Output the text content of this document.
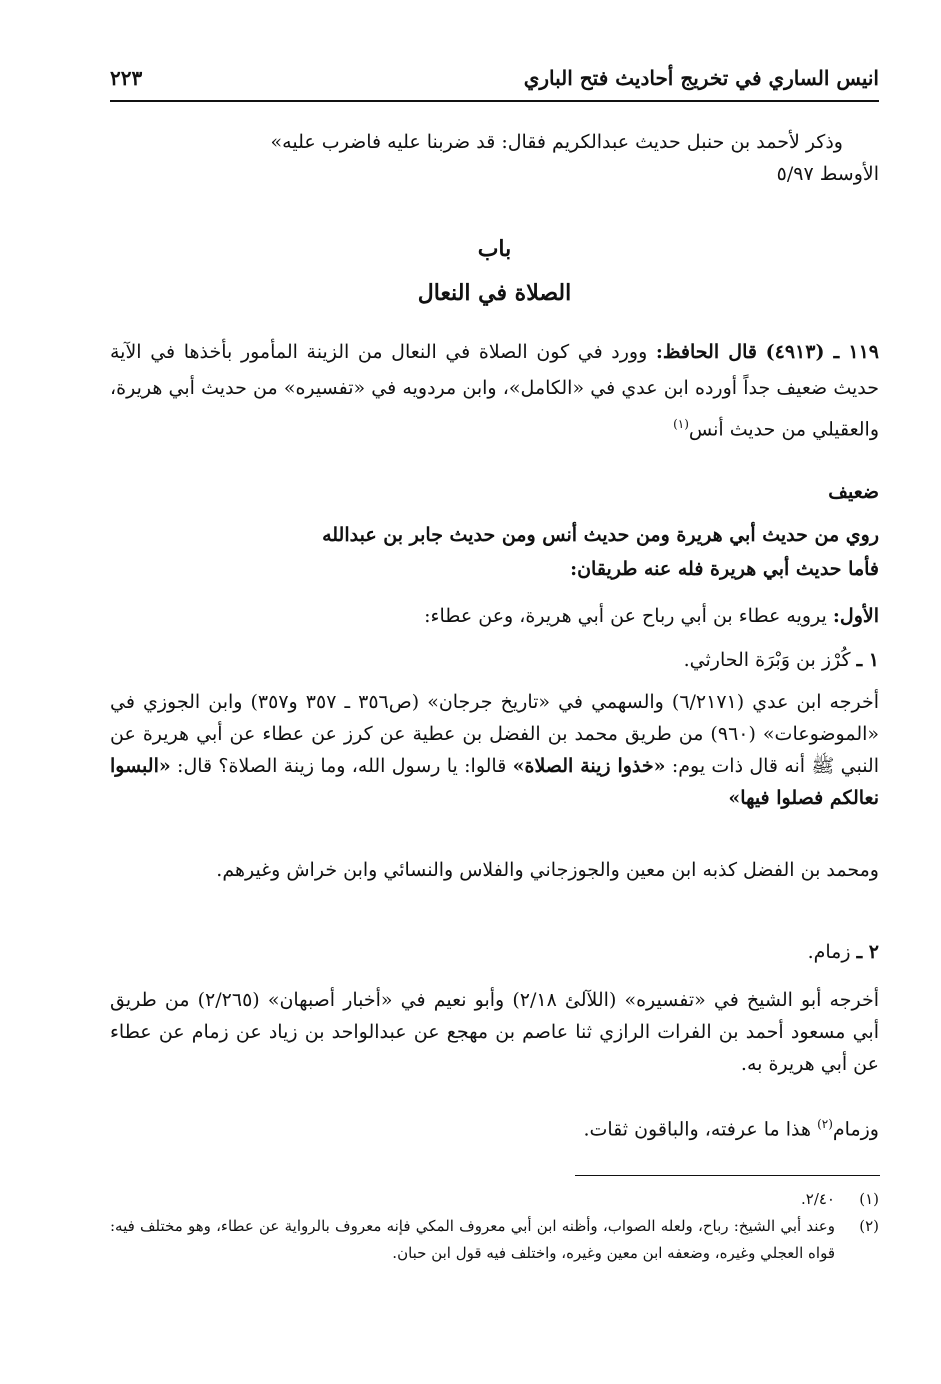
انيس الساري في تخريج أحاديث فتح الباري
٢٢٣
وذكر لأحمد بن حنبل حديث عبدالكريم فقال: قد ضربنا عليه فاضرب عليه»
الأوسط ٥/٩٧
باب
الصلاة في النعال
١١٩ ـ (٤٩١٣) قال الحافظ: وورد في كون الصلاة في النعال من الزينة المأمور بأخذها في الآية حديث ضعيف جداً أورده ابن عدي في «الكامل»، وابن مردويه في «تفسيره» من حديث أبي هريرة، والعقيلي من حديث أنس$^{(١)}$
ضعيف
روي من حديث أبي هريرة ومن حديث أنس ومن حديث جابر بن عبدالله
فأما حديث أبي هريرة فله عنه طريقان:
الأول: يرويه عطاء بن أبي رباح عن أبي هريرة، وعن عطاء:
١ ـ كُرْز بن وَبْرَة الحارثي.
أخرجه ابن عدي (٦/٢١٧١) والسهمي في «تاريخ جرجان» (ص٣٥٦ ـ ٣٥٧ و٣٥٧) وابن الجوزي في «الموضوعات» (٩٦٠) من طريق محمد بن الفضل بن عطية عن كرز عن عطاء عن أبي هريرة عن النبي ﷺ أنه قال ذات يوم: «خذوا زينة الصلاة» قالوا: يا رسول الله، وما زينة الصلاة؟ قال: «البسوا نعالكم فصلوا فيها»
ومحمد بن الفضل كذبه ابن معين والجوزجاني والفلاس والنسائي وابن خراش وغيرهم.
٢ ـ زمام.
أخرجه أبو الشيخ في «تفسيره» (اللآلئ ٢/١٨) وأبو نعيم في «أخبار أصبهان» (٢/٢٦٥) من طريق أبي مسعود أحمد بن الفرات الرازي ثنا عاصم بن مهجع عن عبدالواحد بن زياد عن زمام عن عطاء عن أبي هريرة به.
وزمام$^{(٢)}$ هذا ما عرفته، والباقون ثقات.
(١)
٢/٤٠.
(٢)
وعند أبي الشيخ: رباح، ولعله الصواب، وأظنه ابن أبي معروف المكي فإنه معروف بالرواية عن عطاء، وهو مختلف فيه: قواه العجلي وغيره، وضعفه ابن معين وغيره، واختلف فيه قول ابن حبان.
